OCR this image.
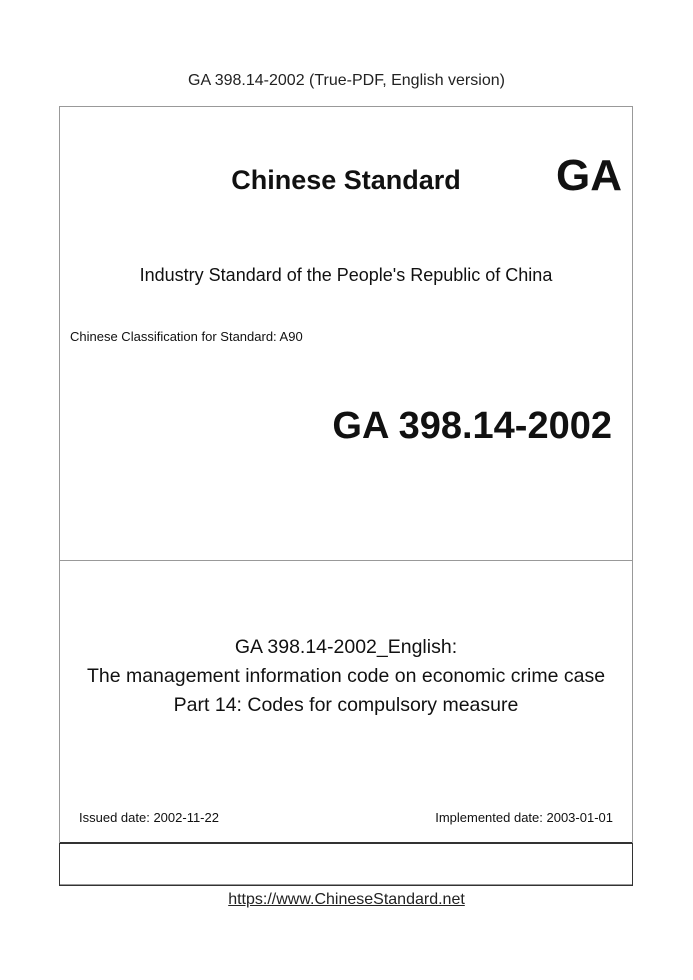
GA 398.14-2002 (True-PDF, English version)
Chinese Standard	GA
Industry Standard of the People's Republic of China
Chinese Classification for Standard: A90
GA 398.14-2002
GA 398.14-2002_English:
The management information code on economic crime case
Part 14: Codes for compulsory measure
Issued date: 2002-11-22	Implemented date: 2003-01-01
https://www.ChineseStandard.net
